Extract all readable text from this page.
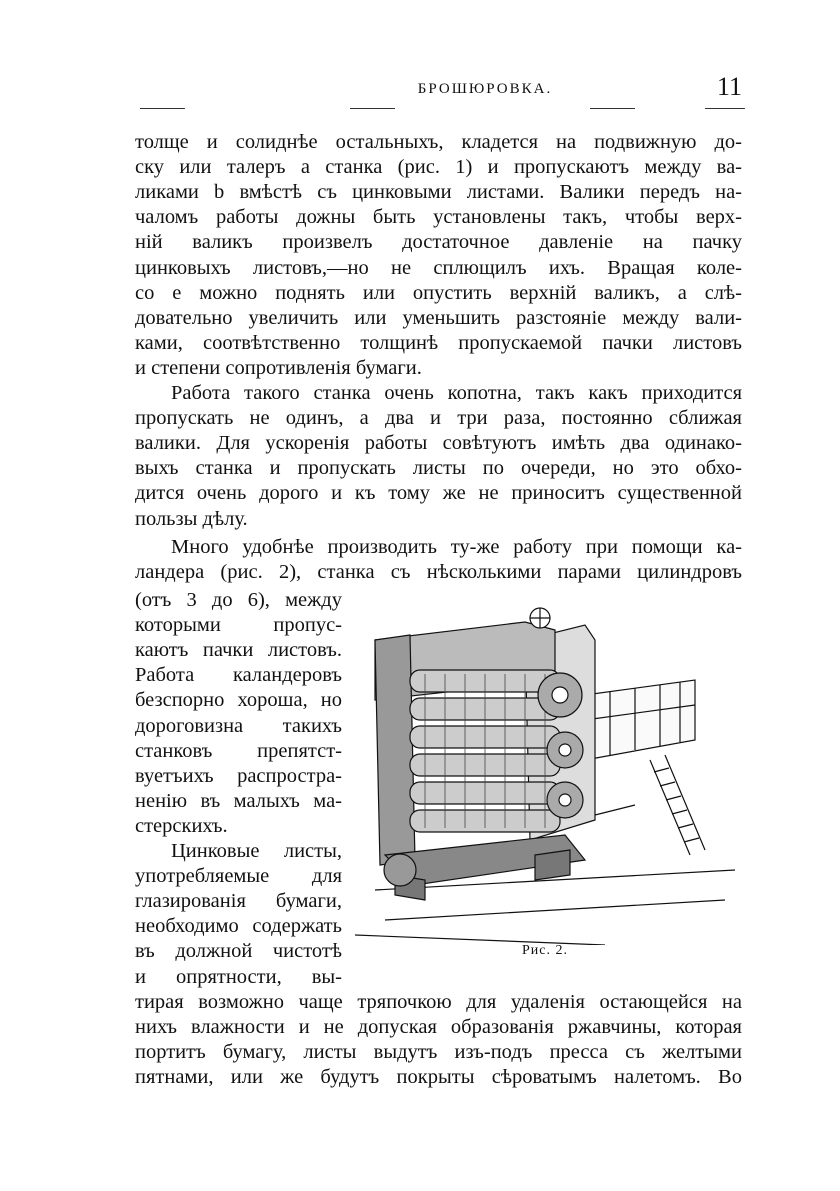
БРОШЮРОВКА.	11
толще и солиднѣе остальныхъ, кладется на подвижную до-
ску или талеръ a станка (рис. 1) и пропускаютъ между ва-
ликами b вмѣстѣ съ цинковыми листами. Валики передъ на-
чаломъ работы дожны быть установлены такъ, чтобы верх-
нiй валикъ произвелъ достаточное давленiе на пачку
цинковыхъ листовъ,—но не сплющилъ ихъ. Вращая коле-
со e можно поднять или опустить верхнiй валикъ, а слѣ-
довательно увеличить или уменьшить разстоянiе между вали-
ками, соотвѣтственно толщинѣ пропускаемой пачки листовъ
и степени сопротивленiя бумаги.
Работа такого станка очень копотна, такъ какъ приходится
пропускать не одинъ, а два и три раза, постоянно сближая
валики. Для ускоренiя работы совѣтуютъ имѣть два одинако-
выхъ станка и пропускать листы по очереди, но это обхо-
дится очень дорого и къ тому же не приноситъ существенной
пользы дѣлу.
Много удобнѣе производить ту-же работу при помощи ка-
ландера (рис. 2), станка съ нѣсколькими парами цилиндровъ
(отъ 3 до 6), между
которыми пропус-
каютъ пачки листовъ.
Работа каландеровъ
безспорно хороша, но
дороговизна такихъ
станковъ препятст-
вуетъихъ распростра-
ненiю въ малыхъ ма-
стерскихъ.
Цинковые листы,
употребляемые для
глазированiя бумаги,
необходимо содержать
въ должной чистотѣ
и опрятности, вы-
тирая возможно чаще тряпочкою для удаленiя остающейся на
нихъ влажности и не допуская образованiя ржавчины, которая
портитъ бумагу, листы выдутъ изъ-подъ пресса съ желтыми
пятнами, или же будутъ покрыты сѣроватымъ налетомъ. Во
Рис. 2.
